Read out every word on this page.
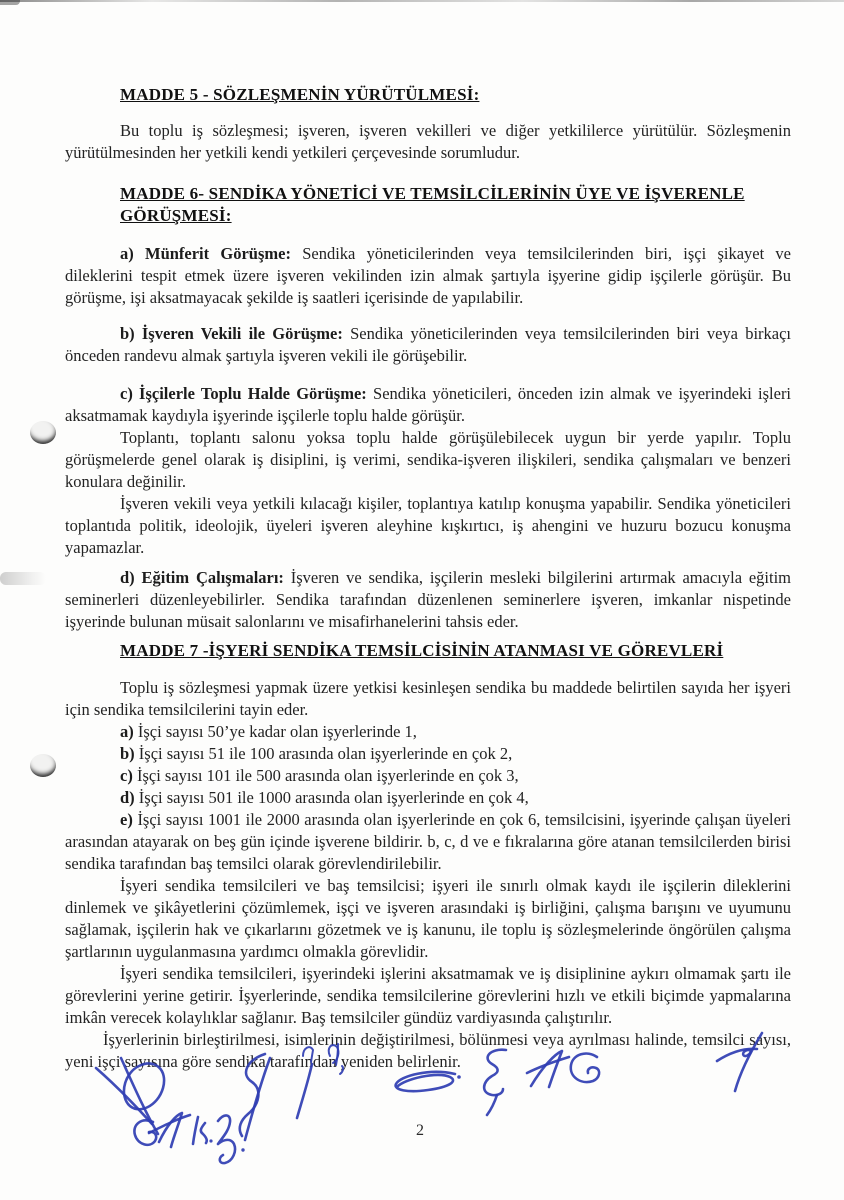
MADDE 5 - SÖZLEŞMENİN YÜRÜTÜLMESİ:

Bu toplu iş sözleşmesi; işveren, işveren vekilleri ve diğer yetkililerce yürütülür. Sözleşmenin yürütülmesinden her yetkili kendi yetkileri çerçevesinde sorumludur.

MADDE 6- SENDİKA YÖNETİCİ VE TEMSİLCİLERİNİN ÜYE VE İŞVERENLE
GÖRÜŞMESİ:

a) Münferit Görüşme: Sendika yöneticilerinden veya temsilcilerinden biri, işçi şikayet ve dileklerini tespit etmek üzere işveren vekilinden izin almak şartıyla işyerine gidip işçilerle görüşür. Bu görüşme, işi aksatmayacak şekilde iş saatleri içerisinde de yapılabilir.

b) İşveren Vekili ile Görüşme: Sendika yöneticilerinden veya temsilcilerinden biri veya birkaçı önceden randevu almak şartıyla işveren vekili ile görüşebilir.

c) İşçilerle Toplu Halde Görüşme: Sendika yöneticileri, önceden izin almak ve işyerindeki işleri aksatmamak kaydıyla işyerinde işçilerle toplu halde görüşür.

Toplantı, toplantı salonu yoksa toplu halde görüşülebilecek uygun bir yerde yapılır. Toplu görüşmelerde genel olarak iş disiplini, iş verimi, sendika-işveren ilişkileri, sendika çalışmaları ve benzeri konulara değinilir.

İşveren vekili veya yetkili kılacağı kişiler, toplantıya katılıp konuşma yapabilir. Sendika yöneticileri toplantıda politik, ideolojik, üyeleri işveren aleyhine kışkırtıcı, iş ahengini ve huzuru bozucu konuşma yapamazlar.

d) Eğitim Çalışmaları: İşveren ve sendika, işçilerin mesleki bilgilerini artırmak amacıyla eğitim seminerleri düzenleyebilirler. Sendika tarafından düzenlenen seminerlere işveren, imkanlar nispetinde işyerinde bulunan müsait salonlarını ve misafirhanelerini tahsis eder.

MADDE 7 -İŞYERİ SENDİKA TEMSİLCİSİNİN ATANMASI VE GÖREVLERİ

Toplu iş sözleşmesi yapmak üzere yetkisi kesinleşen sendika bu maddede belirtilen sayıda her işyeri için sendika temsilcilerini tayin eder.

a) İşçi sayısı 50’ye kadar olan işyerlerinde 1,

b) İşçi sayısı 51 ile 100 arasında olan işyerlerinde en çok 2,

c) İşçi sayısı 101 ile 500 arasında olan işyerlerinde en çok 3,

d) İşçi sayısı 501 ile 1000 arasında olan işyerlerinde en çok 4,

e) İşçi sayısı 1001 ile 2000 arasında olan işyerlerinde en çok 6, temsilcisini, işyerinde çalışan üyeleri arasından atayarak on beş gün içinde işverene bildirir. b, c, d ve e fıkralarına göre atanan temsilcilerden birisi sendika tarafından baş temsilci olarak görevlendirilebilir.

İşyeri sendika temsilcileri ve baş temsilcisi; işyeri ile sınırlı olmak kaydı ile işçilerin dileklerini dinlemek ve şikâyetlerini çözümlemek, işçi ve işveren arasındaki iş birliğini, çalışma barışını ve uyumunu sağlamak, işçilerin hak ve çıkarlarını gözetmek ve iş kanunu, ile toplu iş sözleşmelerinde öngörülen çalışma şartlarının uygulanmasına yardımcı olmakla görevlidir.

İşyeri sendika temsilcileri, işyerindeki işlerini aksatmamak ve iş disiplinine aykırı olmamak şartı ile görevlerini yerine getirir. İşyerlerinde, sendika temsilcilerine görevlerini hızlı ve etkili biçimde yapmalarına imkân verecek kolaylıklar sağlanır. Baş temsilciler gündüz vardiyasında çalıştırılır.

İşyerlerinin birleştirilmesi, isimlerinin değiştirilmesi, bölünmesi veya ayrılması halinde, temsilci sayısı, yeni işçi sayısına göre sendika tarafından yeniden belirlenir.

2
